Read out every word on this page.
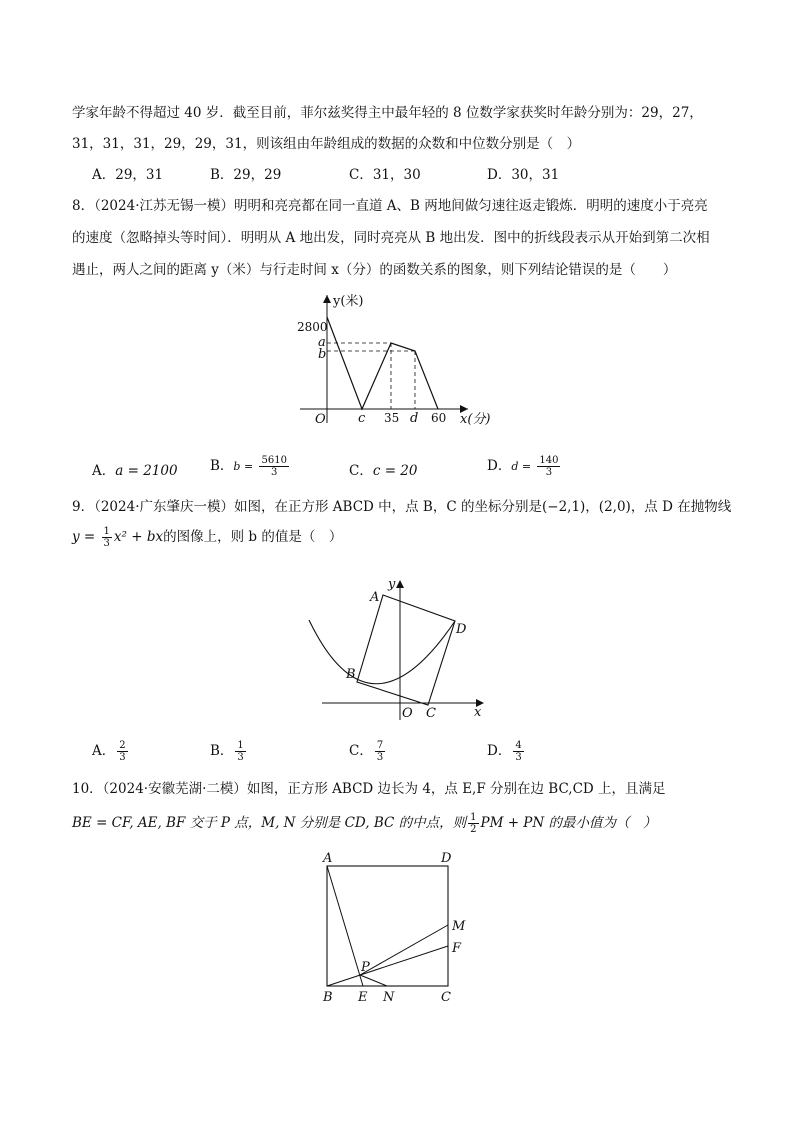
学家年龄不得超过 40 岁．截至目前，菲尔兹奖得主中最年轻的 8 位数学家获奖时年龄分别为：29，27，
31，31，31，29，29，31，则该组由年龄组成的数据的众数和中位数分别是（　）
A．29，31	B．29，29	C．31，30	D．30，31
8．（2024·江苏无锡一模）明明和亮亮都在同一直道 A、B 两地间做匀速往返走锻炼．明明的速度小于亮亮
的速度（忽略掉头等时间）．明明从 A 地出发，同时亮亮从 B 地出发．图中的折线段表示从开始到第二次相
遇止，两人之间的距离 y（米）与行走时间 x（分）的函数关系的图象，则下列结论错误的是（　　）
y(米)
2800
a
b
O c 35 d 60 x(分)
A．a = 2100 B．$b = \frac{5610}{3}$	C．c = 20	D．$d = \frac{140}{3}$
9．（2024·广东肇庆一模）如图，在正方形 ABCD 中，点 B，C 的坐标分别是(−2,1)，(2,0)，点 D 在抛物线
$y = \frac{1}{3} x^2$ + bx的图像上，则 b 的值是（　）
A
B
C
D
O	x
y
A． $\frac{2}{3}$	B． $\frac{1}{3}$	C． $\frac{7}{3}$	D． $\frac{4}{3}$
10．（2024·安徽芜湖·二模）如图，正方形 ABCD 边长为 4，点 E,F 分别在边 BC,CD 上，且满足
BE = CF, AE, BF 交于 P 点，M, N 分别是 CD, BC 的中点，则 $\frac{1}{2}$ PM + PN 的最小值为（　）
A	D
B	C
E N
P
M
F
